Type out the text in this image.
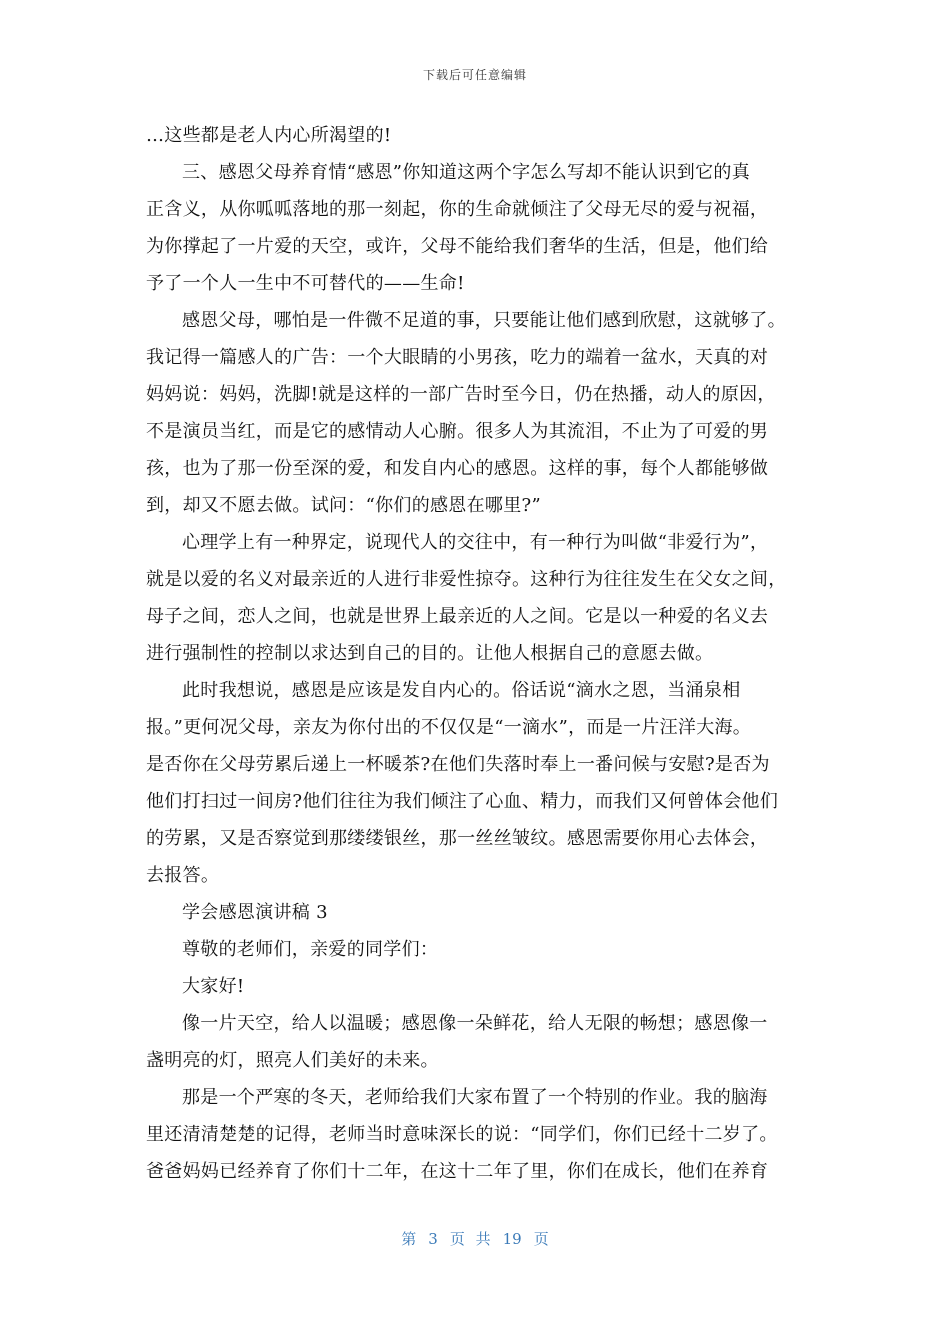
下载后可任意编辑
…这些都是老人内心所渴望的!
三、感恩父母养育情“感恩”你知道这两个字怎么写却不能认识到它的真
正含义，从你呱呱落地的那一刻起，你的生命就倾注了父母无尽的爱与祝福，
为你撑起了一片爱的天空，或许，父母不能给我们奢华的生活，但是，他们给
予了一个人一生中不可替代的——生命!
感恩父母，哪怕是一件微不足道的事，只要能让他们感到欣慰，这就够了。
我记得一篇感人的广告：一个大眼睛的小男孩，吃力的端着一盆水，天真的对
妈妈说：妈妈，洗脚!就是这样的一部广告时至今日，仍在热播，动人的原因，
不是演员当红，而是它的感情动人心腑。很多人为其流泪，不止为了可爱的男
孩，也为了那一份至深的爱，和发自内心的感恩。这样的事，每个人都能够做
到，却又不愿去做。试问：“你们的感恩在哪里?”
心理学上有一种界定，说现代人的交往中，有一种行为叫做“非爱行为”，
就是以爱的名义对最亲近的人进行非爱性掠夺。这种行为往往发生在父女之间，
母子之间，恋人之间，也就是世界上最亲近的人之间。它是以一种爱的名义去
进行强制性的控制以求达到自己的目的。让他人根据自己的意愿去做。
此时我想说，感恩是应该是发自内心的。俗话说“滴水之恩，当涌泉相
报。”更何况父母，亲友为你付出的不仅仅是“一滴水”，而是一片汪洋大海。
是否你在父母劳累后递上一杯暖茶?在他们失落时奉上一番问候与安慰?是否为
他们打扫过一间房?他们往往为我们倾注了心血、精力，而我们又何曾体会他们
的劳累，又是否察觉到那缕缕银丝，那一丝丝皱纹。感恩需要你用心去体会，
去报答。
学会感恩演讲稿 3
尊敬的老师们，亲爱的同学们：
大家好!
像一片天空，给人以温暖；感恩像一朵鲜花，给人无限的畅想；感恩像一
盏明亮的灯，照亮人们美好的未来。
那是一个严寒的冬天，老师给我们大家布置了一个特别的作业。我的脑海
里还清清楚楚的记得，老师当时意味深长的说：“同学们，你们已经十二岁了。
爸爸妈妈已经养育了你们十二年，在这十二年了里，你们在成长，他们在养育
第 3 页 共 19 页
